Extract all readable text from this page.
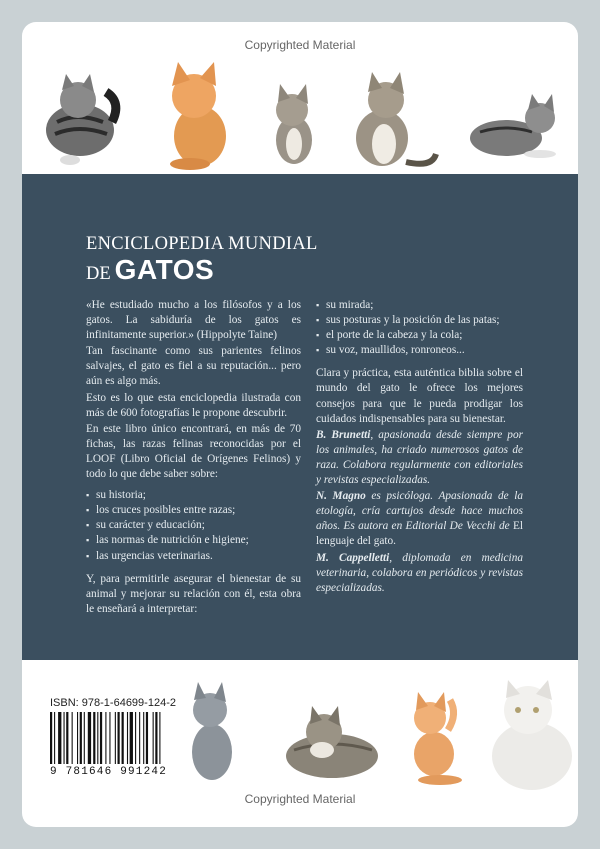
Copyrighted Material
ENCICLOPEDIA MUNDIAL
DE GATOS

«He estudiado mucho a los filósofos y a los gatos. La sabiduría de los gatos es infinitamente superior.» (Hippolyte Taine)

Tan fascinante como sus parientes felinos salvajes, el gato es fiel a su reputación... pero aún es algo más.

Esto es lo que esta enciclopedia ilustrada con más de 600 fotografías le propone descubrir.

En este libro único encontrará, en más de 70 fichas, las razas felinas reconocidas por el LOOF (Libro Oficial de Orígenes Felinos) y todo lo que debe saber sobre:

▪ su historia;
▪ los cruces posibles entre razas;
▪ su carácter y educación;
▪ las normas de nutrición e higiene;
▪ las urgencias veterinarias.

Y, para permitirle asegurar el bienestar de su animal y mejorar su relación con él, esta obra le enseñará a interpretar:

▪ su mirada;
▪ sus posturas y la posición de las patas;
▪ el porte de la cabeza y la cola;
▪ su voz, maullidos, ronroneos...

Clara y práctica, esta auténtica biblia sobre el mundo del gato le ofrece los mejores consejos para que le pueda prodigar los cuidados indispensables para su bienestar.

B. Brunetti, apasionada desde siempre por los animales, ha criado numerosos gatos de raza. Colabora regularmente con editoriales y revistas especializadas.

N. Magno es psicóloga. Apasionada de la etología, cría cartujos desde hace muchos años. Es autora en Editorial De Vecchi de El lenguaje del gato.

M. Cappelletti, diplomada en medicina veterinaria, colabora en periódicos y revistas especializadas.

ISBN: 978-1-64699-124-2
9 781646 991242
Copyrighted Material
